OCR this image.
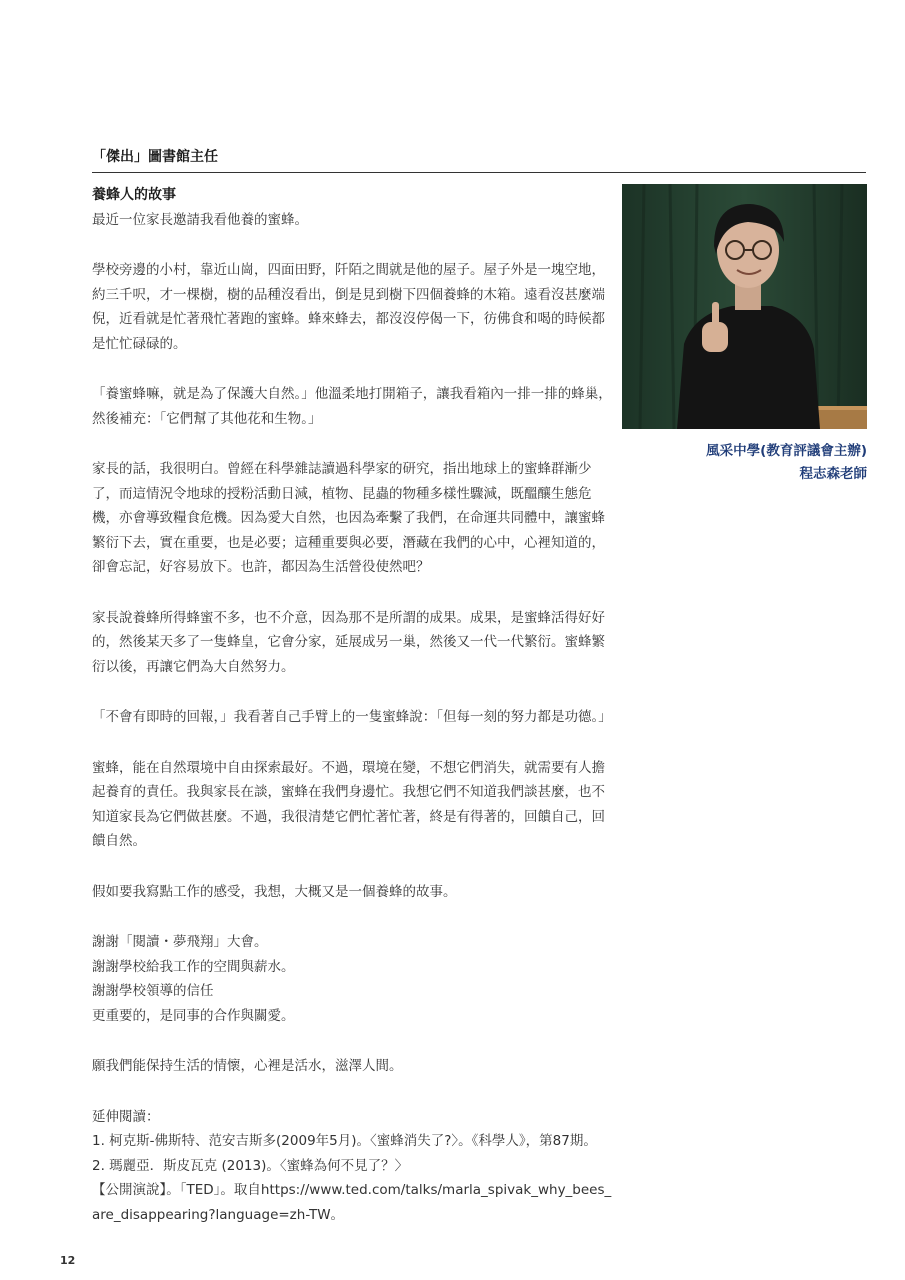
「傑出」圖書館主任
養蜂人的故事

最近一位家長邀請我看他養的蜜蜂。

學校旁邊的小村，靠近山崗，四面田野，阡陌之間就是他的屋子。屋子外是一塊空地，約三千呎，才一棵樹，樹的品種沒看出，倒是見到樹下四個養蜂的木箱。遠看沒甚麼端倪，近看就是忙著飛忙著跑的蜜蜂。蜂來蜂去，都沒沒停偈一下，彷佛食和喝的時候都是忙忙碌碌的。

「養蜜蜂嘛，就是為了保護大自然。」他溫柔地打開箱子，讓我看箱內一排一排的蜂巢，然後補充：「它們幫了其他花和生物。」

家長的話，我很明白。曾經在科學雜誌讀過科學家的研究，指出地球上的蜜蜂群漸少了，而這情況令地球的授粉活動日減，植物、昆蟲的物種多樣性驟減，既醞釀生態危機，亦會導致糧食危機。因為愛大自然，也因為牽繫了我們，在命運共同體中，讓蜜蜂繁衍下去，實在重要，也是必要；這種重要與必要，潛藏在我們的心中，心裡知道的，卻會忘記，好容易放下。也許，都因為生活營役使然吧？

家長說養蜂所得蜂蜜不多，也不介意，因為那不是所謂的成果。成果，是蜜蜂活得好好的，然後某天多了一隻蜂皇，它會分家，延展成另一巢，然後又一代一代繁衍。蜜蜂繁衍以後，再讓它們為大自然努力。

「不會有即時的回報，」我看著自己手臂上的一隻蜜蜂說：「但每一刻的努力都是功德。」

蜜蜂，能在自然環境中自由探索最好。不過，環境在變，不想它們消失，就需要有人擔起養育的責任。我與家長在談，蜜蜂在我們身邊忙。我想它們不知道我們談甚麼，也不知道家長為它們做甚麼。不過，我很清楚它們忙著忙著，終是有得著的，回饋自己，回饋自然。

假如要我寫點工作的感受，我想，大概又是一個養蜂的故事。

謝謝「閱讀・夢飛翔」大會。

謝謝學校給我工作的空間與薪水。

謝謝學校領導的信任

更重要的，是同事的合作與關愛。

願我們能保持生活的情懷，心裡是活水，滋澤人間。

延伸閱讀：

1. 柯克斯-佛斯特、范安吉斯多(2009年5月)。〈蜜蜂消失了?〉。《科學人》，第87期。

2. 瑪麗亞．斯皮瓦克 (2013)。〈蜜蜂為何不見了？〉

【公開演說】。「TED」。取自https://www.ted.com/talks/marla_spivak_why_bees_are_disappearing?language=zh-TW。

風采中學(教育評議會主辦)
程志森老師
12
